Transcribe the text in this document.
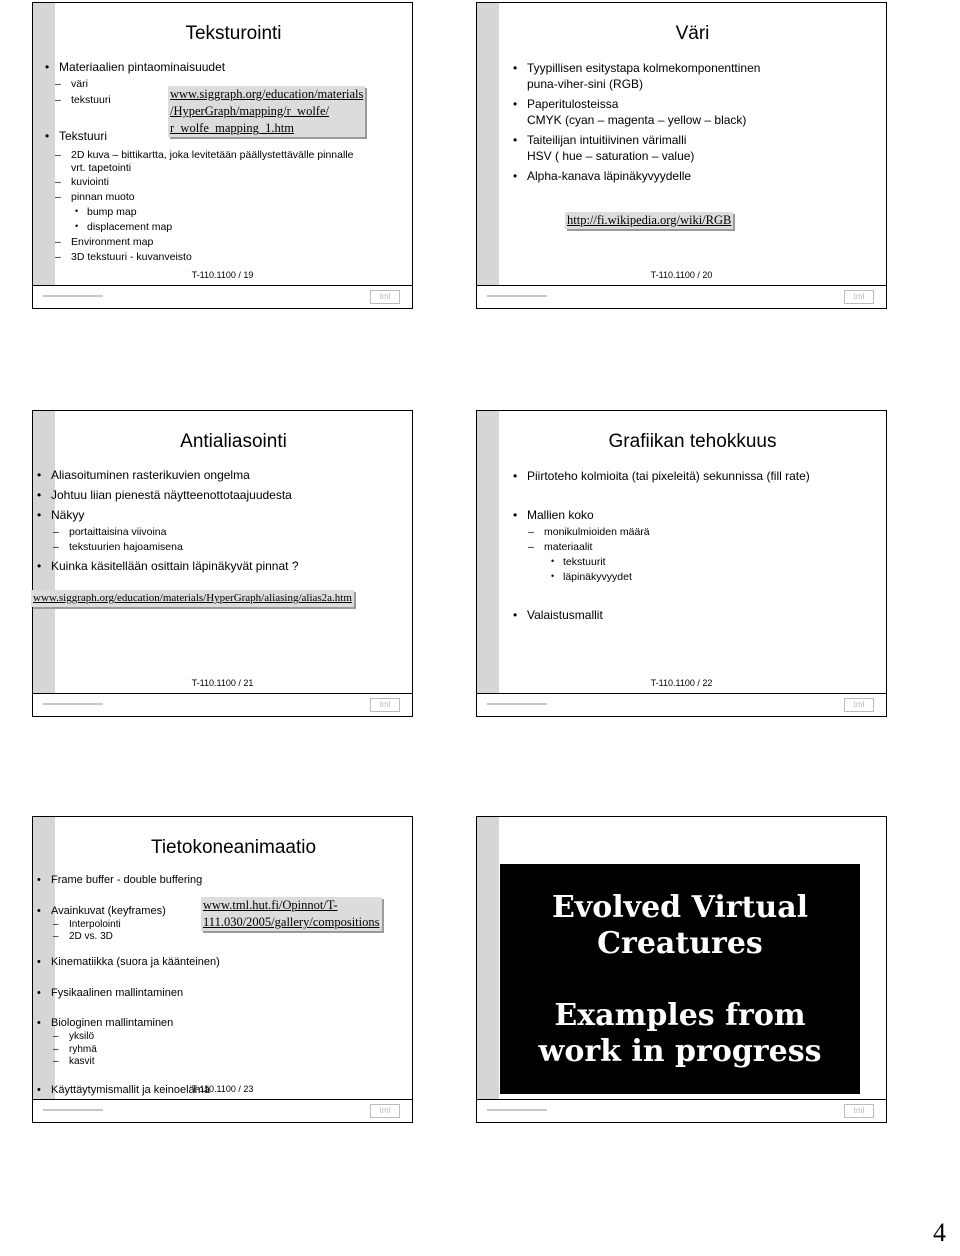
Teksturointi
• Materiaalien pintaominaisuudet
– väri
– tekstuuri
• Tekstuuri
– 2D kuva – bittikartta, joka levitetään päällystettävälle pinnalle
vrt. tapetointi
– kuviointi
– pinnan muoto
• bump map
• displacement map
– Environment map
– 3D tekstuuri - kuvanveisto
www.siggraph.org/education/materials
/HyperGraph/mapping/r_wolfe/
r_wolfe_mapping_1.htm
T-110.1100 / 19
tml
Väri
• Tyypillisen esitystapa kolmekomponenttinen
puna-viher-sini (RGB)
• Paperitulosteissa
CMYK (cyan – magenta – yellow – black)
• Taiteilijan intuitiivinen värimalli
HSV ( hue – saturation – value)
• Alpha-kanava läpinäkyvyydelle
http://fi.wikipedia.org/wiki/RGB
T-110.1100 / 20
tml
Antialiasointi
• Aliasoituminen rasterikuvien ongelma
• Johtuu liian pienestä näytteenottotaajuudesta
• Näkyy
– portaittaisina viivoina
– tekstuurien hajoamisena
• Kuinka käsitellään osittain läpinäkyvät pinnat ?
www.siggraph.org/education/materials/HyperGraph/aliasing/alias2a.htm
T-110.1100 / 21
tml
Grafiikan tehokkuus
• Piirtoteho kolmioita (tai pixeleitä) sekunnissa (fill rate)
• Mallien koko
– monikulmioiden määrä
– materiaalit
• tekstuurit
• läpinäkyvyydet
• Valaistusmallit
T-110.1100 / 22
tml
Tietokoneanimaatio
• Frame buffer - double buffering
• Avainkuvat (keyframes)
– Interpolointi
– 2D vs. 3D
• Kinematiikka (suora ja käänteinen)
• Fysikaalinen mallintaminen
• Biologinen mallintaminen
– yksilö
– ryhmä
– kasvit
• Käyttäytymismallit ja keinoelämä
www.tml.hut.fi/Opinnot/T-
111.030/2005/gallery/compositions
T-110.1100 / 23
tml	tml
Evolved Virtual
Creatures
Examples from
work in progress
4
